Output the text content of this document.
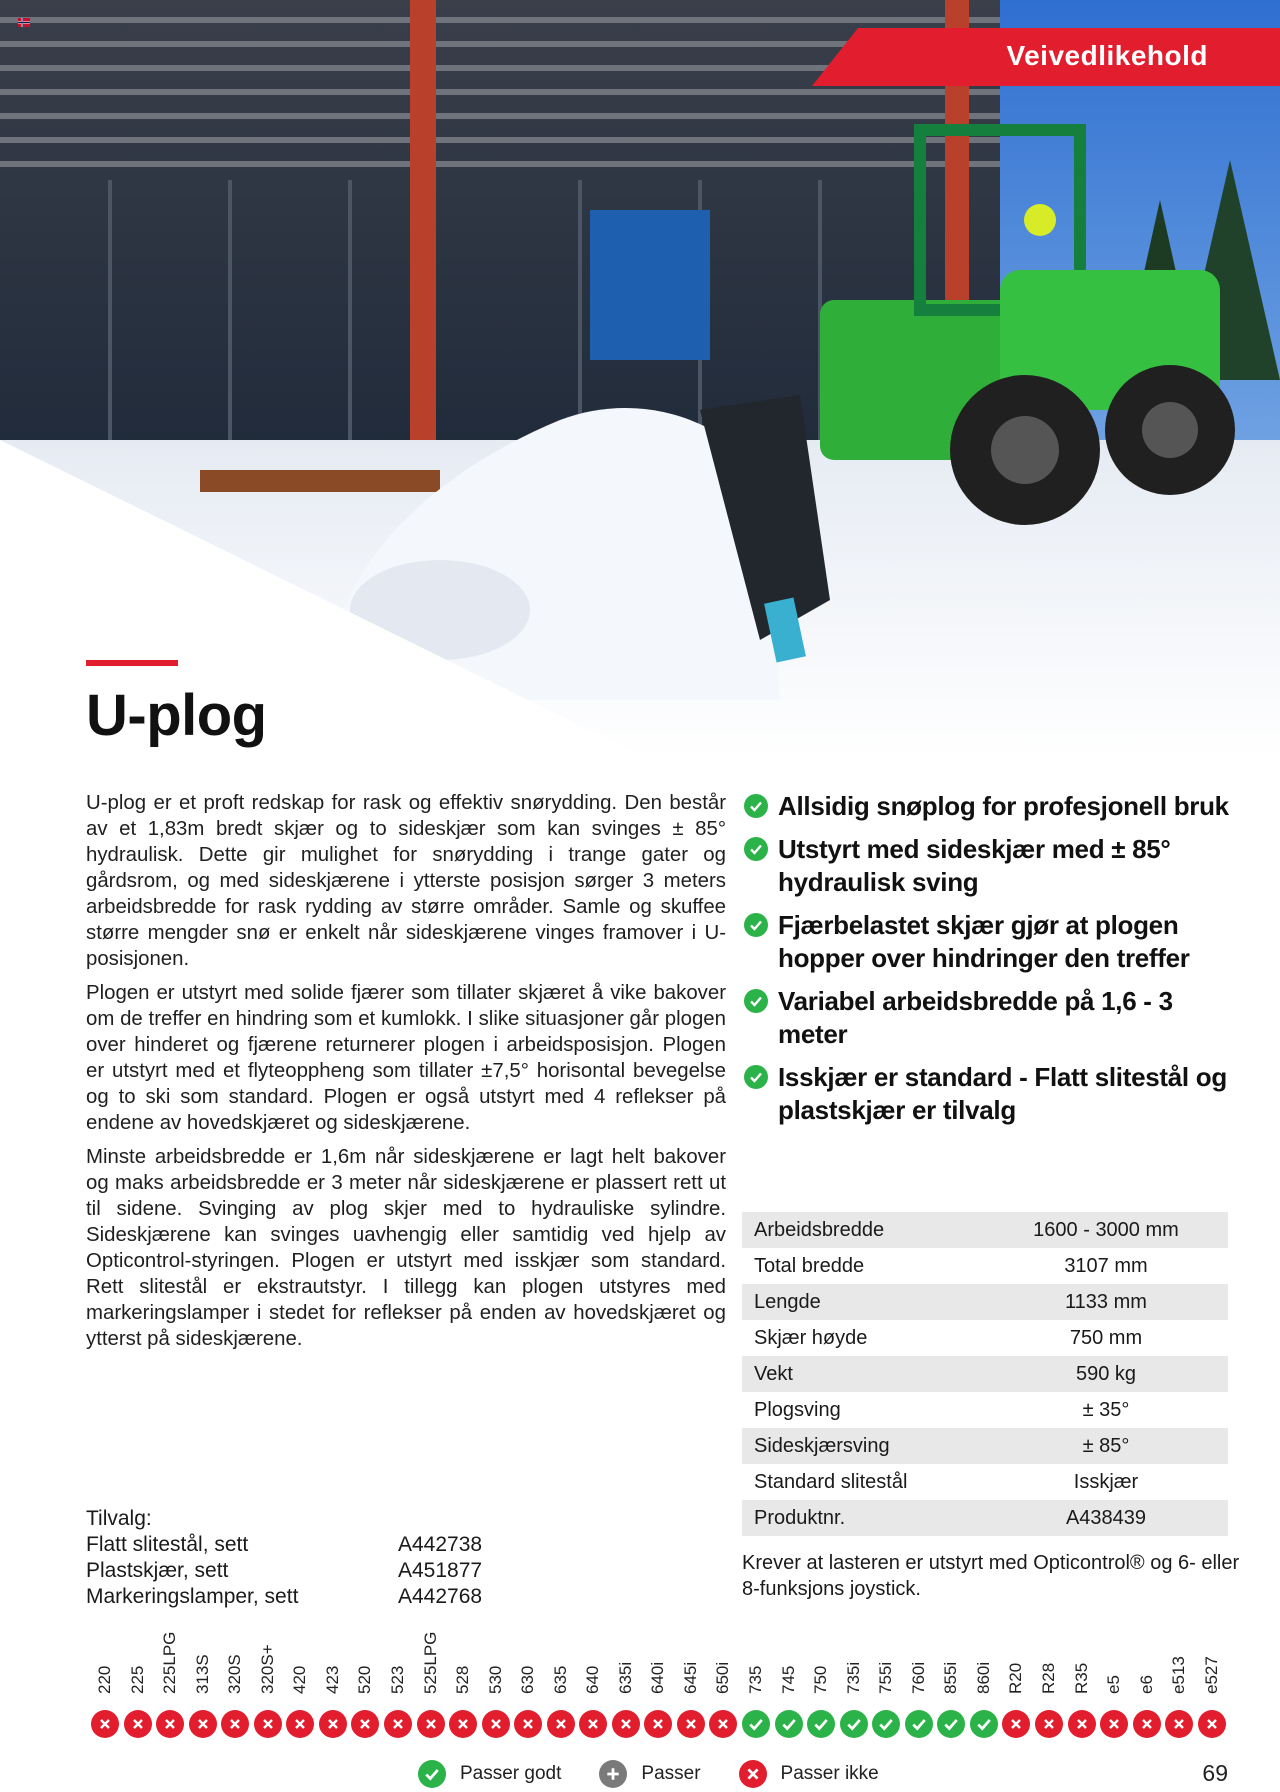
Veivedlikehold
U-plog

U-plog er et proft redskap for rask og effektiv snørydding. Den består av et 1,83m bredt skjær og to sideskjær som kan svinges ± 85° hydraulisk. Dette gir mulighet for snørydding i trange gater og gårdsrom, og med sideskjærene i ytterste posisjon sørger 3 meters arbeidsbredde for rask rydding av større områder. Samle og skuffee større mengder snø er enkelt når sideskjærene vinges framover i U-posisjonen.

Plogen er utstyrt med solide fjærer som tillater skjæret å vike bakover om de treffer en hindring som et kumlokk. I slike situasjoner går plogen over hinderet og fjærene returnerer plogen i arbeidsposisjon. Plogen er utstyrt med et flyteoppheng som tillater ±7,5° horisontal bevegelse og to ski som standard. Plogen er også utstyrt med 4 reflekser på endene av hovedskjæret og sideskjærene.

Minste arbeidsbredde er 1,6m når sideskjærene er lagt helt bakover og maks arbeidsbredde er 3 meter når sideskjærene er plassert rett ut til sidene. Svinging av plog skjer med to hydrauliske sylindre. Sideskjærene kan svinges uavhengig eller samtidig ved hjelp av Opticontrol-styringen. Plogen er utstyrt med isskjær som standard. Rett slitestål er ekstrautstyr. I tillegg kan plogen utstyres med markeringslamper i stedet for reflekser på enden av hovedskjæret og ytterst på sideskjærene.

Allsidig snøplog for profesjonell bruk
Utstyrt med sideskjær med ± 85° hydraulisk sving
Fjærbelastet skjær gjør at plogen hopper over hindringer den treffer
Variabel arbeidsbredde på 1,6 - 3 meter
Isskjær er standard - Flatt slitestål og plastskjær er tilvalg
Arbeidsbredde	1600 - 3000 mm
Total bredde	3107 mm
Lengde	1133 mm
Skjær høyde	750 mm
Vekt	590 kg
Plogsving	± 35°
Sideskjærsving	± 85°
Standard slitestål	Isskjær
Produktnr.	A438439
Krever at lasteren er utstyrt med Opticontrol® og 6- eller 8-funksjons joystick.

Tilvalg:

Flatt slitestål, sett	A442738
Plastskjær, sett	A451877
Markeringslamper, sett	A442768
220 225 225LPG 313S 320S 320S+ 420 423 520 523 525LPG 528 530 630 635 640 635i 640i 645i 650i 735 745 750 735i 755i 760i 855i 860i R20 R28 R35 e5 e6 e513 e527
Passer godt	Passer	Passer ikke	69
